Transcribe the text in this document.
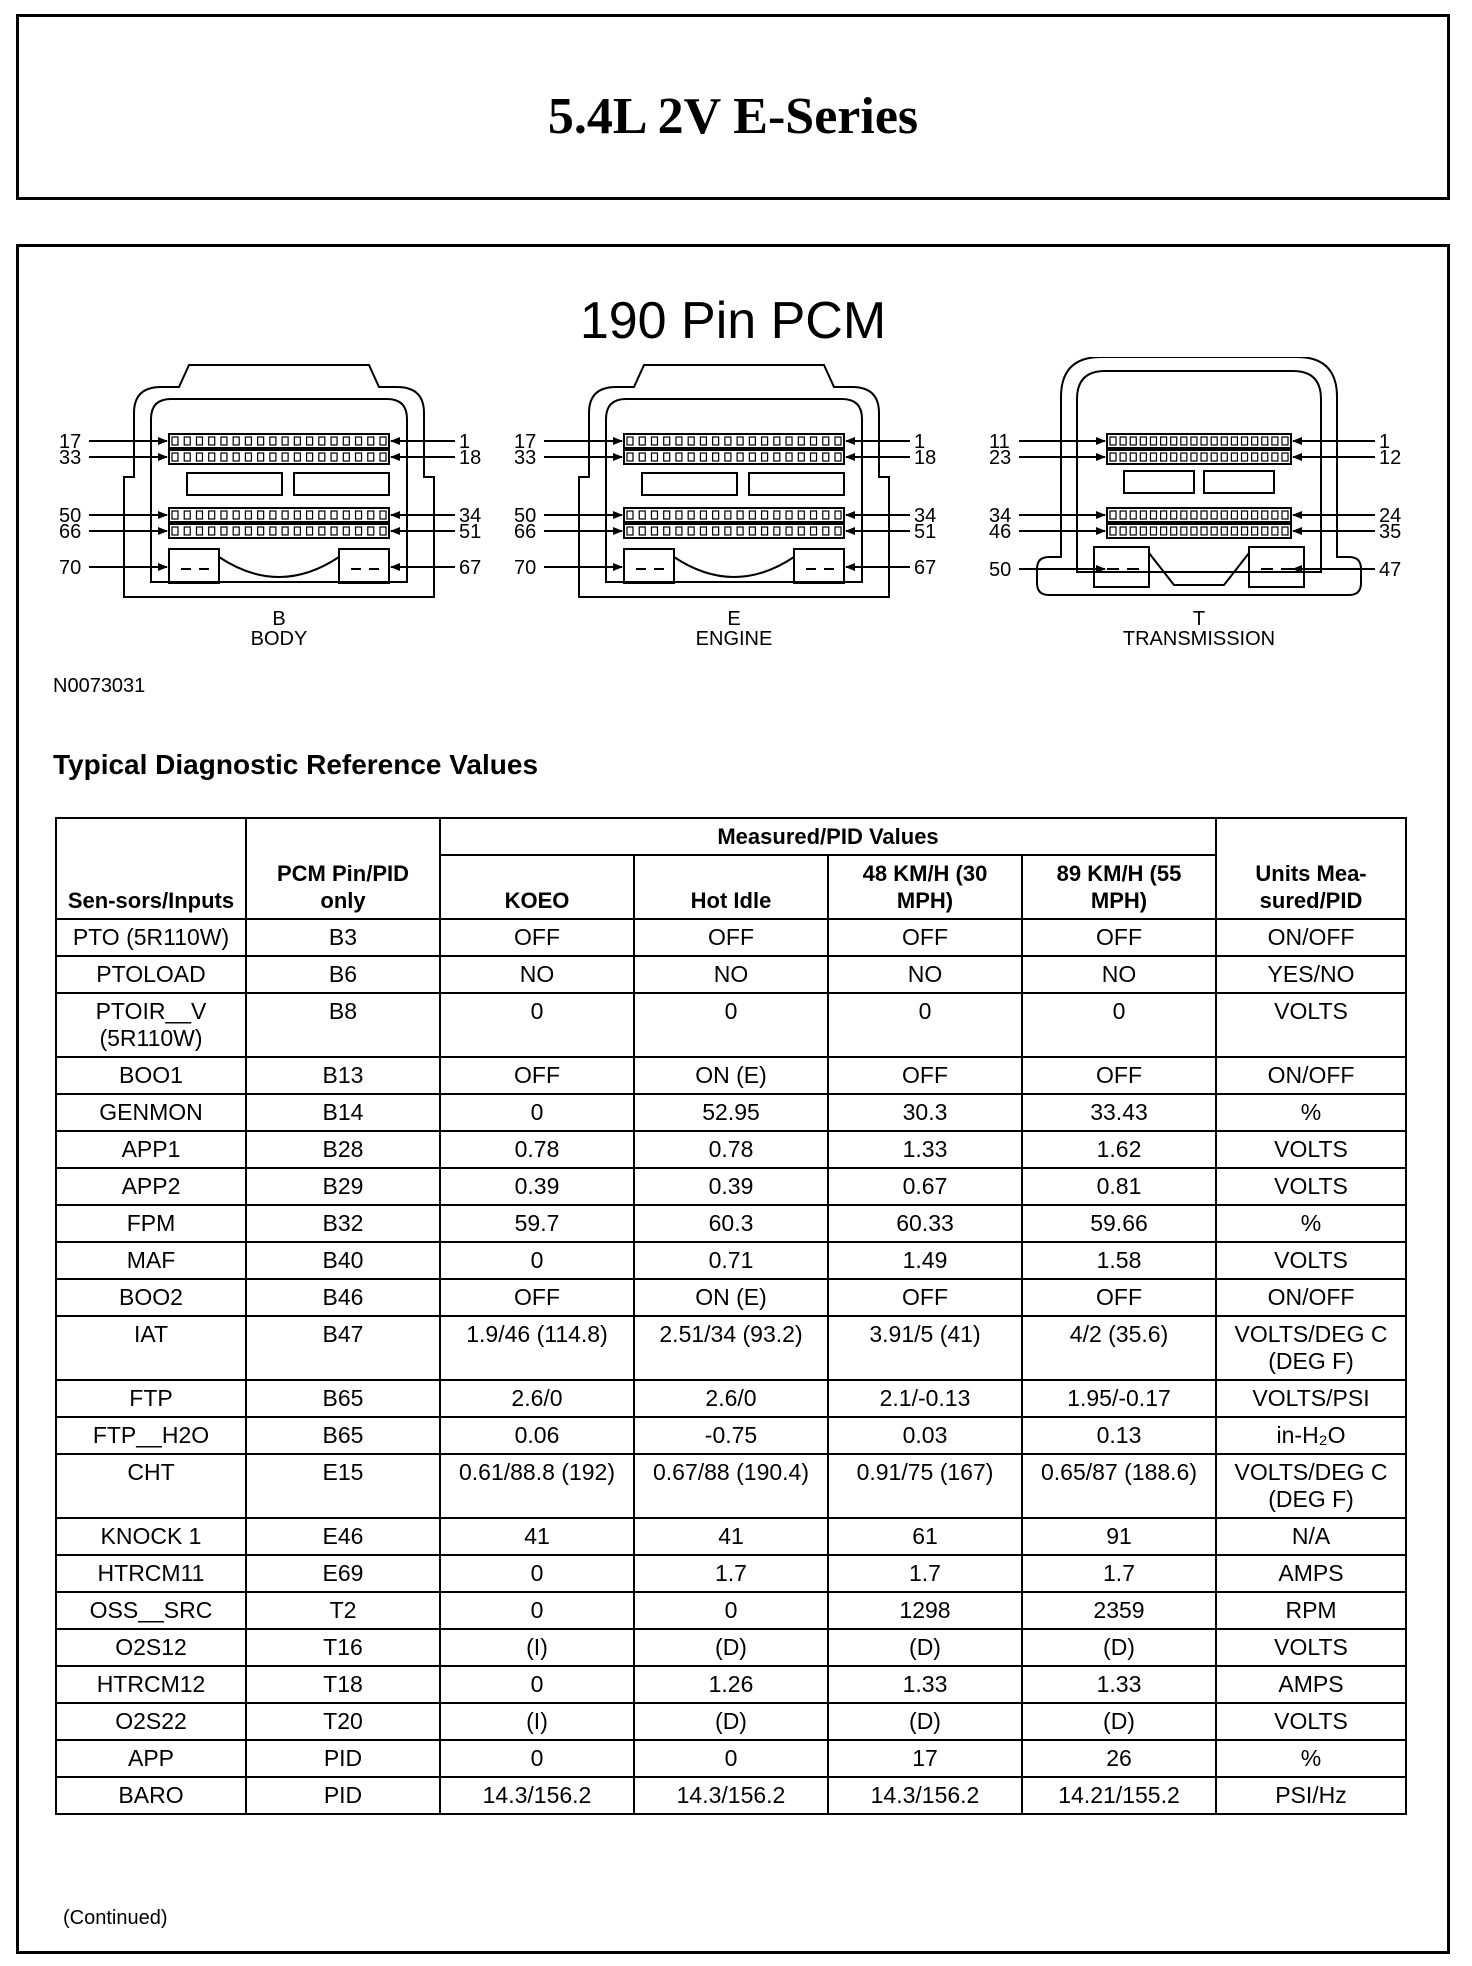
5.4L 2V E-Series
190 Pin PCM
17	1
33	18
50	34
66	51
70	67
B
BODY
17	1
33	18
50	34
66	51
70	67
E
ENGINE
11	1
23	12
34	24
46	35
50	47
T
TRANSMISSION
N0073031
Typical Diagnostic Reference Values
Sen-sors/Inputs	PCM Pin/PID only	Measured/PID Values				Units Mea-sured/PID
		KOEO	Hot Idle	48 KM/H (30 MPH)	89 KM/H (55 MPH)	
PTO (5R110W)	B3	OFF	OFF	OFF	OFF	ON/OFF
PTOLOAD	B6	NO	NO	NO	NO	YES/NO
PTOIR__V (5R110W)	B8	0	0	0	0	VOLTS
BOO1	B13	OFF	ON (E)	OFF	OFF	ON/OFF
GENMON	B14	0	52.95	30.3	33.43	%
APP1	B28	0.78	0.78	1.33	1.62	VOLTS
APP2	B29	0.39	0.39	0.67	0.81	VOLTS
FPM	B32	59.7	60.3	60.33	59.66	%
MAF	B40	0	0.71	1.49	1.58	VOLTS
BOO2	B46	OFF	ON (E)	OFF	OFF	ON/OFF
IAT	B47	1.9/46 (114.8)	2.51/34 (93.2)	3.91/5 (41)	4/2 (35.6)	VOLTS/DEG C (DEG F)
FTP	B65	2.6/0	2.6/0	2.1/-0.13	1.95/-0.17	VOLTS/PSI
FTP__H2O	B65	0.06	-0.75	0.03	0.13	in-H₂O
CHT	E15	0.61/88.8 (192)	0.67/88 (190.4)	0.91/75 (167)	0.65/87 (188.6)	VOLTS/DEG C (DEG F)
KNOCK 1	E46	41	41	61	91	N/A
HTRCM11	E69	0	1.7	1.7	1.7	AMPS
OSS__SRC	T2	0	0	1298	2359	RPM
O2S12	T16	(I)	(D)	(D)	(D)	VOLTS
HTRCM12	T18	0	1.26	1.33	1.33	AMPS
O2S22	T20	(I)	(D)	(D)	(D)	VOLTS
APP	PID	0	0	17	26	%
BARO	PID	14.3/156.2	14.3/156.2	14.3/156.2	14.21/155.2	PSI/Hz
(Continued)
